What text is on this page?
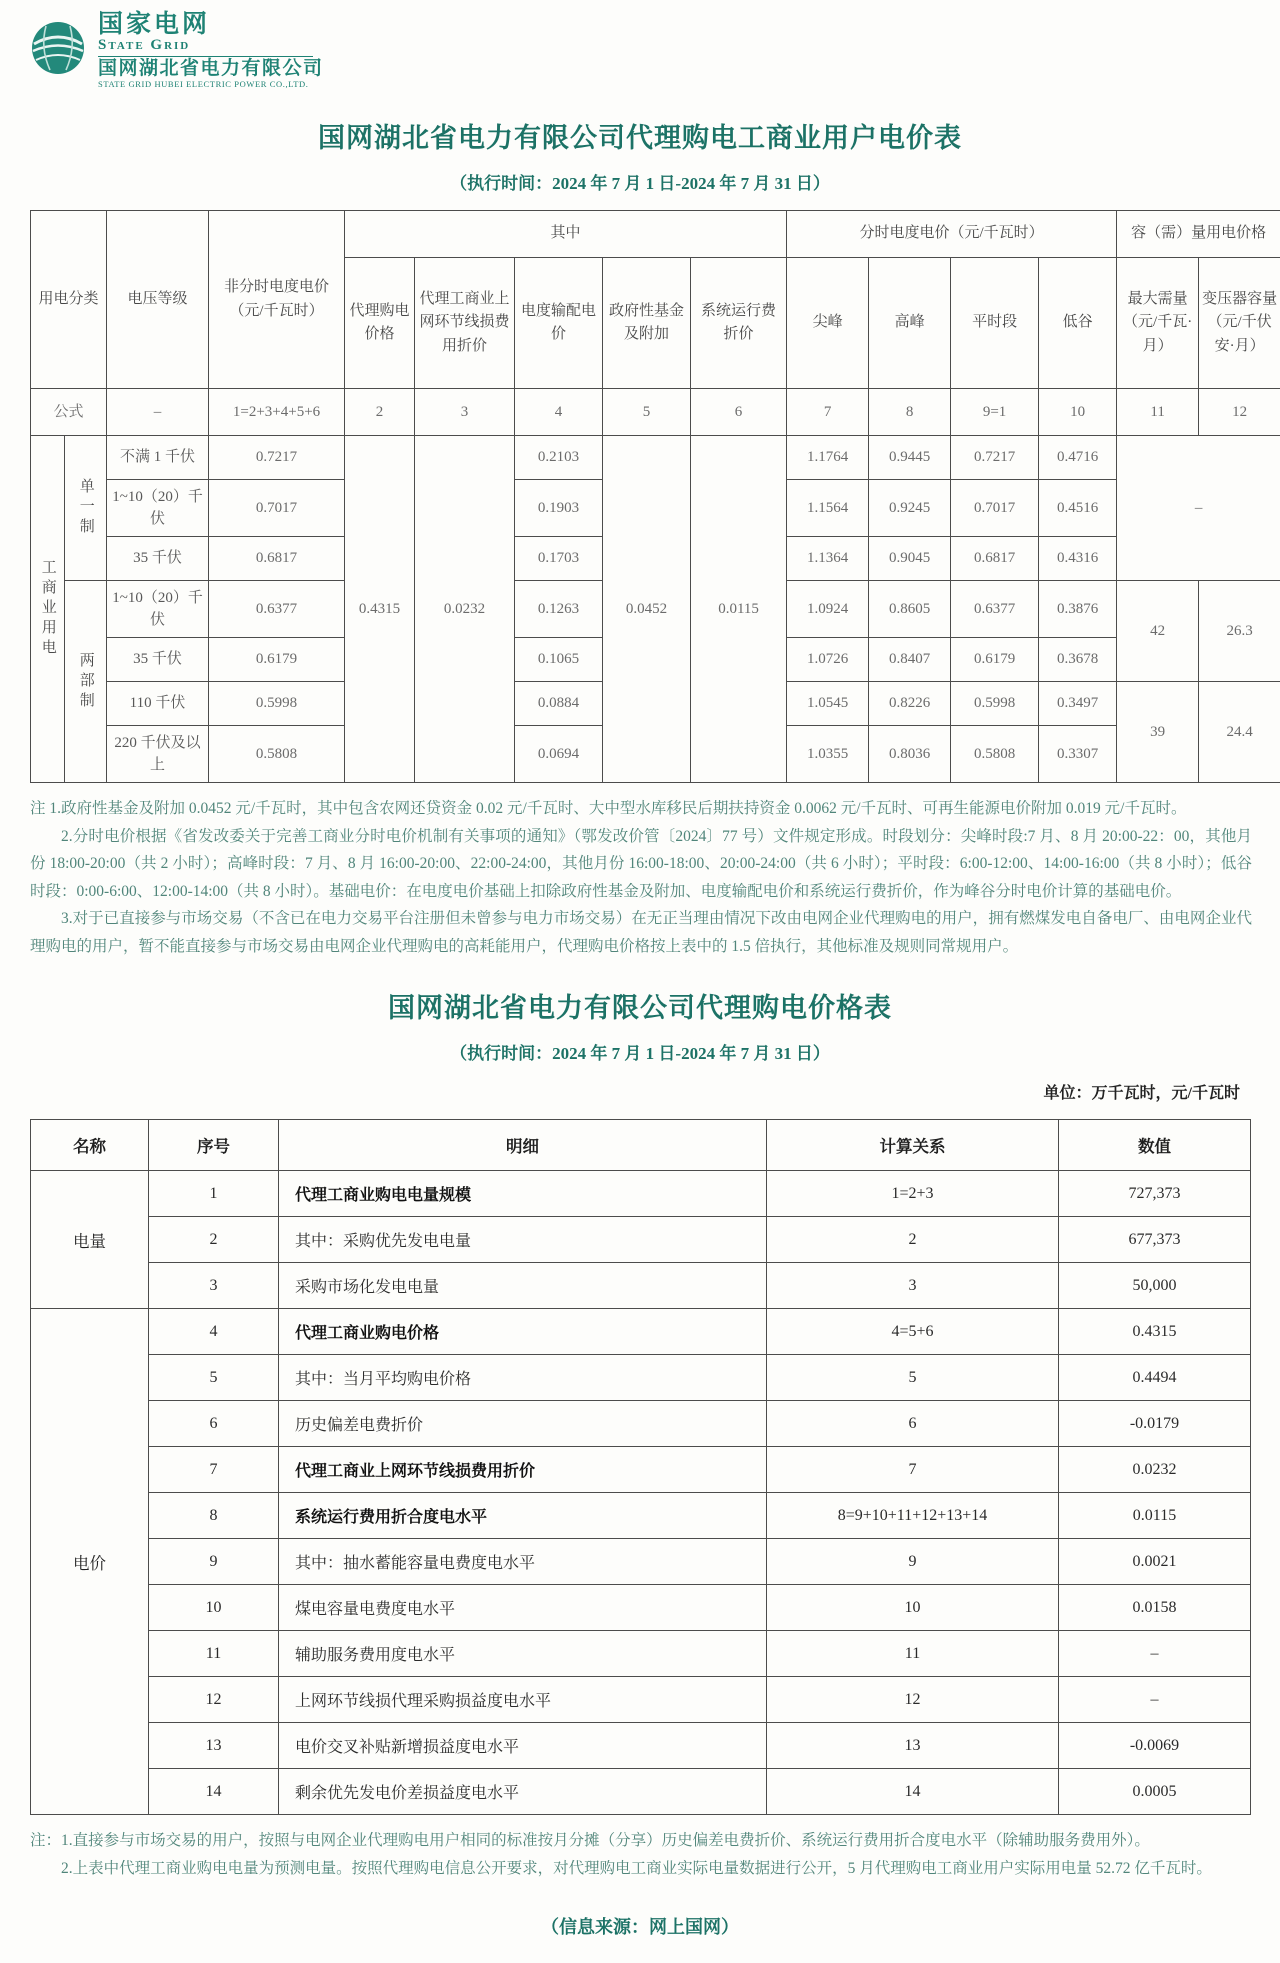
国家电网
State Grid
国网湖北省电力有限公司
STATE GRID HUBEI ELECTRIC POWER CO.,LTD.
国网湖北省电力有限公司代理购电工商业用户电价表
（执行时间：2024 年 7 月 1 日-2024 年 7 月 31 日）
用电分类		电压等级	非分时电度电价（元/千瓦时）	其中					分时电度电价（元/千瓦时）				容（需）量用电价格	
				代理购电价格	代理工商业上网环节线损费用折价	电度输配电价	政府性基金及附加	系统运行费折价	尖峰	高峰	平时段	低谷	最大需量（元/千瓦·月）	变压器容量（元/千伏安·月）
公式		–	1=2+3+4+5+6	2	3	4	5	6	7	8	9=1	10	11	12
工商业用电	单一制	不满 1 千伏	0.7217	0.4315	0.0232	0.2103	0.0452	0.0115	1.1764	0.9445	0.7217	0.4716	–	
		1~10（20）千伏	0.7017			0.1903			1.1564	0.9245	0.7017	0.4516		
		35 千伏	0.6817			0.1703			1.1364	0.9045	0.6817	0.4316		
	两部制	1~10（20）千伏	0.6377			0.1263			1.0924	0.8605	0.6377	0.3876	42	26.3
		35 千伏	0.6179			0.1065			1.0726	0.8407	0.6179	0.3678		
		110 千伏	0.5998			0.0884			1.0545	0.8226	0.5998	0.3497	39	24.4
		220 千伏及以上	0.5808			0.0694			1.0355	0.8036	0.5808	0.3307		

注 1.政府性基金及附加 0.0452 元/千瓦时，其中包含农网还贷资金 0.02 元/千瓦时、大中型水库移民后期扶持资金 0.0062 元/千瓦时、可再生能源电价附加 0.019 元/千瓦时。

2.分时电价根据《省发改委关于完善工商业分时电价机制有关事项的通知》（鄂发改价管〔2024〕77 号）文件规定形成。时段划分：尖峰时段:7 月、8 月 20:00-22：00，其他月份 18:00-20:00（共 2 小时）；高峰时段：7 月、8 月 16:00-20:00、22:00-24:00，其他月份 16:00-18:00、20:00-24:00（共 6 小时）；平时段：6:00-12:00、14:00-16:00（共 8 小时）；低谷时段：0:00-6:00、12:00-14:00（共 8 小时）。基础电价：在电度电价基础上扣除政府性基金及附加、电度输配电价和系统运行费折价，作为峰谷分时电价计算的基础电价。

3.对于已直接参与市场交易（不含已在电力交易平台注册但未曾参与电力市场交易）在无正当理由情况下改由电网企业代理购电的用户，拥有燃煤发电自备电厂、由电网企业代理购电的用户，暂不能直接参与市场交易由电网企业代理购电的高耗能用户，代理购电价格按上表中的 1.5 倍执行，其他标准及规则同常规用户。

国网湖北省电力有限公司代理购电价格表
（执行时间：2024 年 7 月 1 日-2024 年 7 月 31 日）
单位：万千瓦时，元/千瓦时
名称	序号	明细	计算关系	数值
电量	1	代理工商业购电电量规模	1=2+3	727,373
	2	其中：采购优先发电电量	2	677,373
	3	采购市场化发电电量	3	50,000
电价	4	代理工商业购电价格	4=5+6	0.4315
	5	其中：当月平均购电价格	5	0.4494
	6	历史偏差电费折价	6	-0.0179
	7	代理工商业上网环节线损费用折价	7	0.0232
	8	系统运行费用折合度电水平	8=9+10+11+12+13+14	0.0115
	9	其中：抽水蓄能容量电费度电水平	9	0.0021
	10	煤电容量电费度电水平	10	0.0158
	11	辅助服务费用度电水平	11	–
	12	上网环节线损代理采购损益度电水平	12	–
	13	电价交叉补贴新增损益度电水平	13	-0.0069
	14	剩余优先发电价差损益度电水平	14	0.0005

注：1.直接参与市场交易的用户，按照与电网企业代理购电用户相同的标准按月分摊（分享）历史偏差电费折价、系统运行费用折合度电水平（除辅助服务费用外）。

2.上表中代理工商业购电电量为预测电量。按照代理购电信息公开要求，对代理购电工商业实际电量数据进行公开，5 月代理购电工商业用户实际用电量 52.72 亿千瓦时。

（信息来源：网上国网）
